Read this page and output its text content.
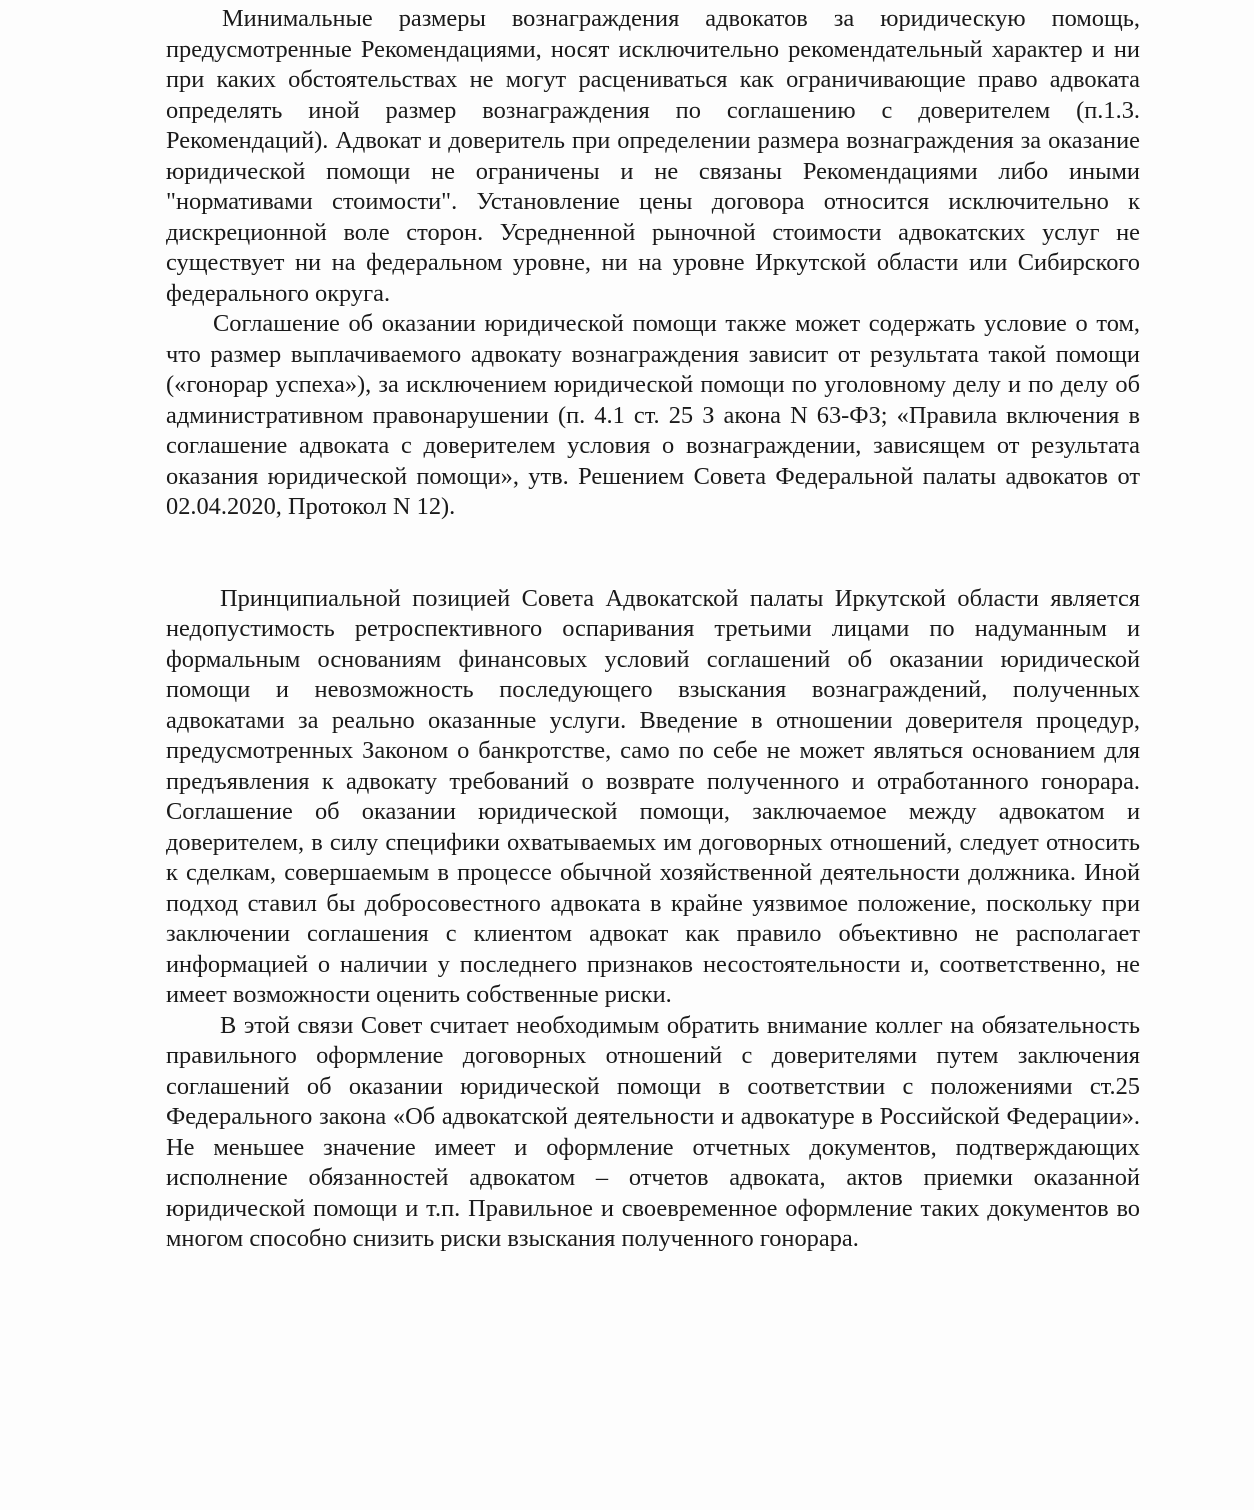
Минимальные размеры вознаграждения адвокатов за юридическую помощь, предусмотренные Рекомендациями, носят исключительно рекомендательный характер и ни при каких обстоятельствах не могут расцениваться как ограничивающие право адвоката определять иной размер вознаграждения по соглашению с доверителем (п.1.3. Рекомендаций). Адвокат и доверитель при определении размера вознаграждения за оказание юридической помощи не ограничены и не связаны Рекомендациями либо иными "нормативами стоимости". Установление цены договора относится исключительно к дискреционной воле сторон. Усредненной рыночной стоимости адвокатских услуг не существует ни на федеральном уровне, ни на уровне Иркутской области или Сибирского федерального округа.

Соглашение об оказании юридической помощи также может содержать условие о том, что размер выплачиваемого адвокату вознаграждения зависит от результата такой помощи («гонорар успеха»), за исключением юридической помощи по уголовному делу и по делу об административном правонарушении (п. 4.1 ст. 25 З акона N 63-ФЗ; «Правила включения в соглашение адвоката с доверителем условия о вознаграждении, зависящем от результата оказания юридической помощи», утв. Решением Совета Федеральной палаты адвокатов от 02.04.2020, Протокол N 12).

Принципиальной позицией Совета Адвокатской палаты Иркутской области является недопустимость ретроспективного оспаривания третьими лицами по надуманным и формальным основаниям финансовых условий соглашений об оказании юридической помощи и невозможность последующего взыскания вознаграждений, полученных адвокатами за реально оказанные услуги. Введение в отношении доверителя процедур, предусмотренных Законом о банкротстве, само по себе не может являться основанием для предъявления к адвокату требований о возврате полученного и отработанного гонорара. Соглашение об оказании юридической помощи, заключаемое между адвокатом и доверителем, в силу специфики охватываемых им договорных отношений, следует относить к сделкам, совершаемым в процессе обычной хозяйственной деятельности должника. Иной подход ставил бы добросовестного адвоката в крайне уязвимое положение, поскольку при заключении соглашения с клиентом адвокат как правило объективно не располагает информацией о наличии у последнего признаков несостоятельности и, соответственно, не имеет возможности оценить собственные риски.

В этой связи Совет считает необходимым обратить внимание коллег на обязательность правильного оформление договорных отношений с доверителями путем заключения соглашений об оказании юридической помощи в соответствии с положениями ст.25 Федерального закона «Об адвокатской деятельности и адвокатуре в Российской Федерации». Не меньшее значение имеет и оформление отчетных документов, подтверждающих исполнение обязанностей адвокатом – отчетов адвоката, актов приемки оказанной юридической помощи и т.п. Правильное и своевременное оформление таких документов во многом способно снизить риски взыскания полученного гонорара.
